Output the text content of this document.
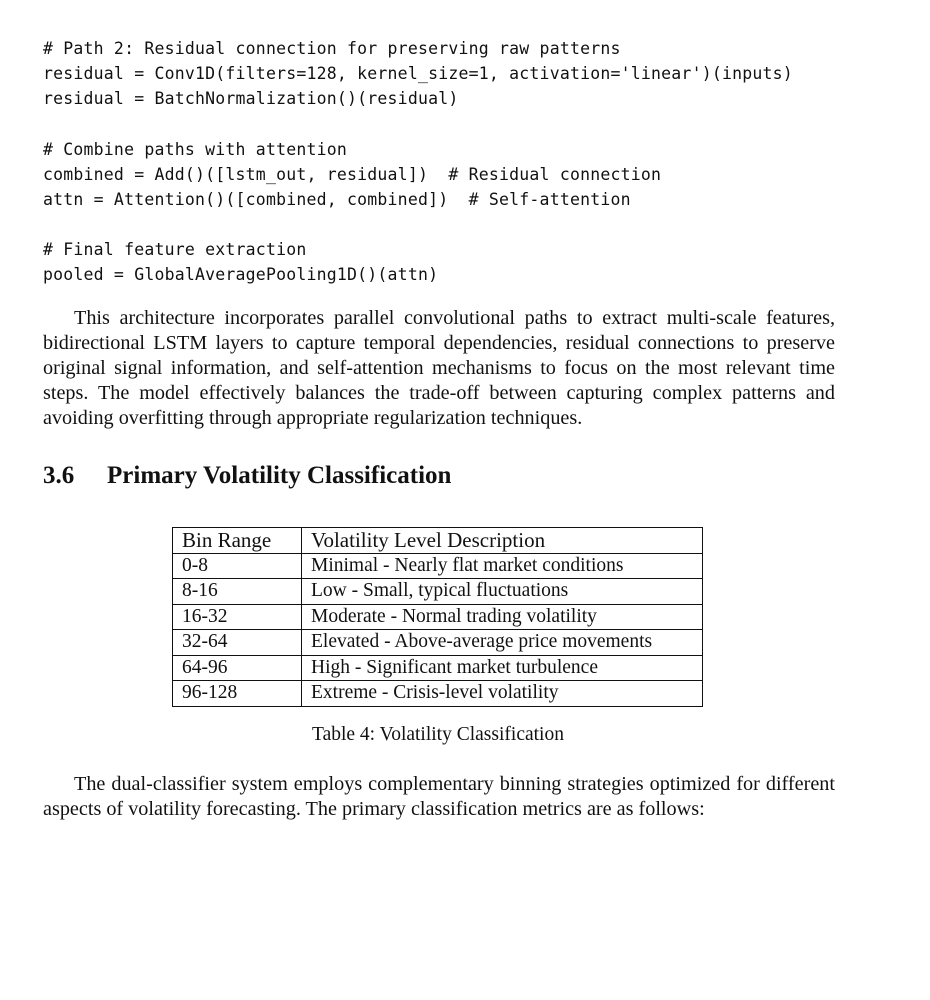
# Path 2: Residual connection for preserving raw patterns
residual = Conv1D(filters=128, kernel_size=1, activation='linear')(inputs)
residual = BatchNormalization()(residual)
# Combine paths with attention
combined = Add()([lstm_out, residual])  # Residual connection
attn = Attention()([combined, combined])  # Self-attention
# Final feature extraction
pooled = GlobalAveragePooling1D()(attn)

This architecture incorporates parallel convolutional paths to extract multi-scale features, bidirectional LSTM layers to capture temporal dependencies, residual connections to preserve original signal information, and self-attention mechanisms to focus on the most relevant time steps. The model effectively balances the trade-off between capturing complex patterns and avoiding overfitting through appropriate regularization techniques.

3.6 Primary Volatility Classification
Bin Range	Volatility Level Description
0-8	Minimal - Nearly flat market conditions
8-16	Low - Small, typical fluctuations
16-32	Moderate - Normal trading volatility
32-64	Elevated - Above-average price movements
64-96	High - Significant market turbulence
96-128	Extreme - Crisis-level volatility
Table 4: Volatility Classification

The dual-classifier system employs complementary binning strategies optimized for different aspects of volatility forecasting. The primary classification metrics are as follows:
